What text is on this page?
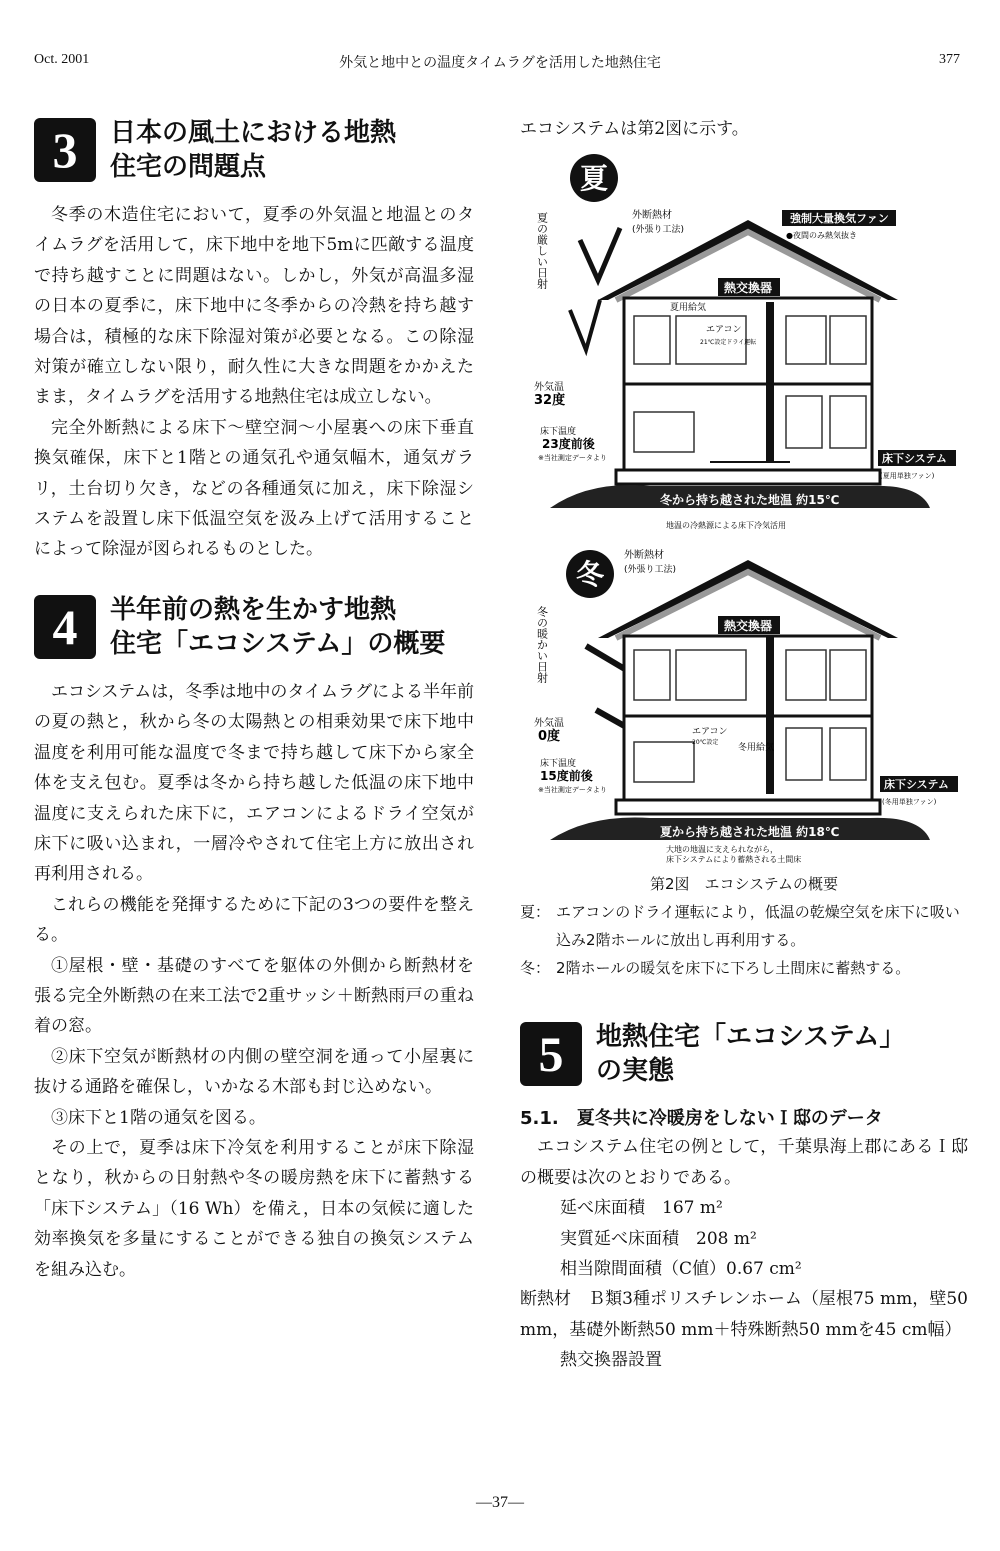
Oct. 2001	外気と地中との温度タイムラグを活用した地熱住宅	377
3	日本の風土における地熱
住宅の問題点

冬季の木造住宅において，夏季の外気温と地温とのタイムラグを活用して，床下地中を地下5mに匹敵する温度で持ち越すことに問題はない。しかし，外気が高温多湿の日本の夏季に，床下地中に冬季からの冷熱を持ち越す場合は，積極的な床下除湿対策が必要となる。この除湿対策が確立しない限り，耐久性に大きな問題をかかえたまま，タイムラグを活用する地熱住宅は成立しない。

完全外断熱による床下～壁空洞～小屋裏への床下垂直換気確保，床下と1階との通気孔や通気幅木，通気ガラリ，土台切り欠き，などの各種通気に加え，床下除湿システムを設置し床下低温空気を汲み上げて活用することによって除湿が図られるものとした。

4	半年前の熱を生かす地熱
住宅「エコシステム」の概要

エコシステムは，冬季は地中のタイムラグによる半年前の夏の熱と，秋から冬の太陽熱との相乗効果で床下地中温度を利用可能な温度で冬まで持ち越して床下から家全体を支え包む。夏季は冬から持ち越した低温の床下地中温度に支えられた床下に，エアコンによるドライ空気が床下に吸い込まれ，一層冷やされて住宅上方に放出され再利用される。

これらの機能を発揮するために下記の3つの要件を整える。

①屋根・壁・基礎のすべてを躯体の外側から断熱材を張る完全外断熱の在来工法で2重サッシ＋断熱雨戸の重ね着の窓。

②床下空気が断熱材の内側の壁空洞を通って小屋裏に抜ける通路を確保し，いかなる木部も封じ込めない。

③床下と1階の通気を図る。

その上で，夏季は床下冷気を利用することが床下除湿となり，秋からの日射熱や冬の暖房熱を床下に蓄熱する「床下システム」（16 Wh）を備え，日本の気候に適した効率換気を多量にすることができる独自の換気システムを組み込む。

エコシステムは第2図に示す。

夏
夏の厳しい日射	外断熱材
(外張り工法)
強制大量換気ファン
●夜間のみ熱気抜き
熱交換器
夏用給気
エアコン
21℃設定ドライ運転
外気温
32度
床下温度
23度前後
※当社測定データより	床下システム
(夏用単独ファン)
冬から持ち越された地温 約15℃
地温の冷熱源による床下冷気活用
冬
冬の暖かい日射
外断熱材
(外張り工法)
熱交換器
エアコン
20℃設定
冬用給気
外気温
0度
床下温度
15度前後
※当社測定データより	床下システム
(冬用単独ファン)
夏から持ち越された地温 約18℃
大地の地温に支えられながら，
床下システムにより蓄熱される土間床
第2図　エコシステムの概要
夏： エアコンのドライ運転により，低温の乾燥空気を床下に吸い込み2階ホールに放出し再利用する。
冬： 2階ホールの暖気を床下に下ろし土間床に蓄熱する。
5	地熱住宅「エコシステム」
の実態
5.1.　夏冬共に冷暖房をしないＩ邸のデータ

エコシステム住宅の例として，千葉県海上郡にあるＩ邸の概要は次のとおりである。

延べ床面積　167 m²

実質延べ床面積　208 m²

相当隙間面積（C値）0.67 cm²

断熱材　Ｂ類3種ポリスチレンホーム（屋根75 mm，壁50 mm，基礎外断熱50 mm＋特殊断熱50 mmを45 cm幅）

熱交換器設置

—37—
